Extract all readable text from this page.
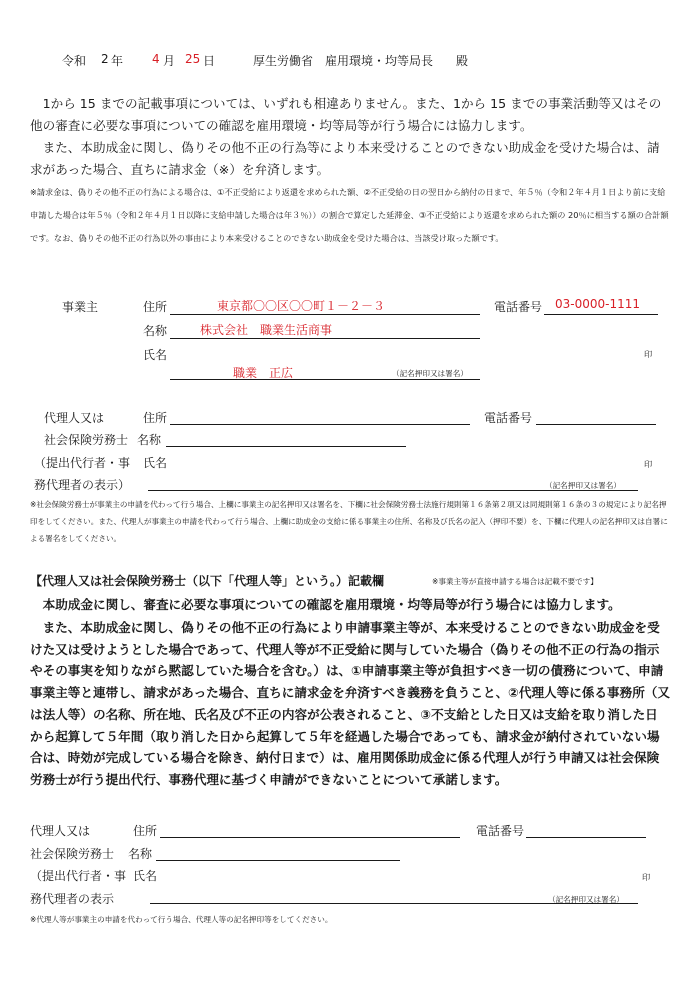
令和 2 年 4 月 25 日	厚生労働省　雇用環境・均等局長 殿
1から 15 までの記載事項については、いずれも相違ありません。また、1から 15 までの事業活動等又はその他の審査に必要な事項についての確認を雇用環境・均等局等が行う場合には協力します。
また、本助成金に関し、偽りその他不正の行為等により本来受けることのできない助成金を受けた場合は、請求があった場合、直ちに請求金（※）を弁済します。
※請求金は、偽りその他不正の行為による場合は、①不正受給により返還を求められた額、②不正受給の日の翌日から納付の日まで、年５％（令和２年４月１日より前に支給申請した場合は年５％（令和２年４月１日以降に支給申請した場合は年３％））の割合で算定した延滞金、③不正受給により返還を求められた額の 20％に相当する額の合計額です。なお、偽りその他不正の行為以外の事由により本来受けることのできない助成金を受けた場合は、当該受け取った額です。
事業主	住所	東京都〇〇区〇〇町１－２－３	電話番号 03-0000-1111
名称	株式会社　職業生活商事
氏名	印
職業　正広	（記名押印又は署名）
代理人又は	住所	電話番号
社会保険労務士 名称
（提出代行者・事 氏名	印
務代理者の表示）	（記名押印又は署名）
※社会保険労務士が事業主の申請を代わって行う場合、上欄に事業主の記名押印又は署名を、下欄に社会保険労務士法施行規則第１６条第２項又は同規則第１６条の３の規定により記名押印をしてください。また、代理人が事業主の申請を代わって行う場合、上欄に助成金の支給に係る事業主の住所、名称及び氏名の記入（押印不要）を、下欄に代理人の記名押印又は自署による署名をしてください。
【代理人又は社会保険労務士（以下「代理人等」という。）記載欄	※事業主等が直接申請する場合は記載不要です】
本助成金に関し、審査に必要な事項についての確認を雇用環境・均等局等が行う場合には協力します。
また、本助成金に関し、偽りその他不正の行為により申請事業主等が、本来受けることのできない助成金を受けた又は受けようとした場合であって、代理人等が不正受給に関与していた場合（偽りその他不正の行為の指示やその事実を知りながら黙認していた場合を含む。）は、①申請事業主等が負担すべき一切の債務について、申請事業主等と連帯し、請求があった場合、直ちに請求金を弁済すべき義務を負うこと、②代理人等に係る事務所（又は法人等）の名称、所在地、氏名及び不正の内容が公表されること、③不支給とした日又は支給を取り消した日から起算して５年間（取り消した日から起算して５年を経過した場合であっても、請求金が納付されていない場合は、時効が完成している場合を除き、納付日まで）は、雇用関係助成金に係る代理人が行う申請又は社会保険労務士が行う提出代行、事務代理に基づく申請ができないことについて承諾します。
代理人又は	住所	電話番号
社会保険労務士 名称
（提出代行者・事 氏名	印
務代理者の表示	（記名押印又は署名）
※代理人等が事業主の申請を代わって行う場合、代理人等の記名押印等をしてください。
